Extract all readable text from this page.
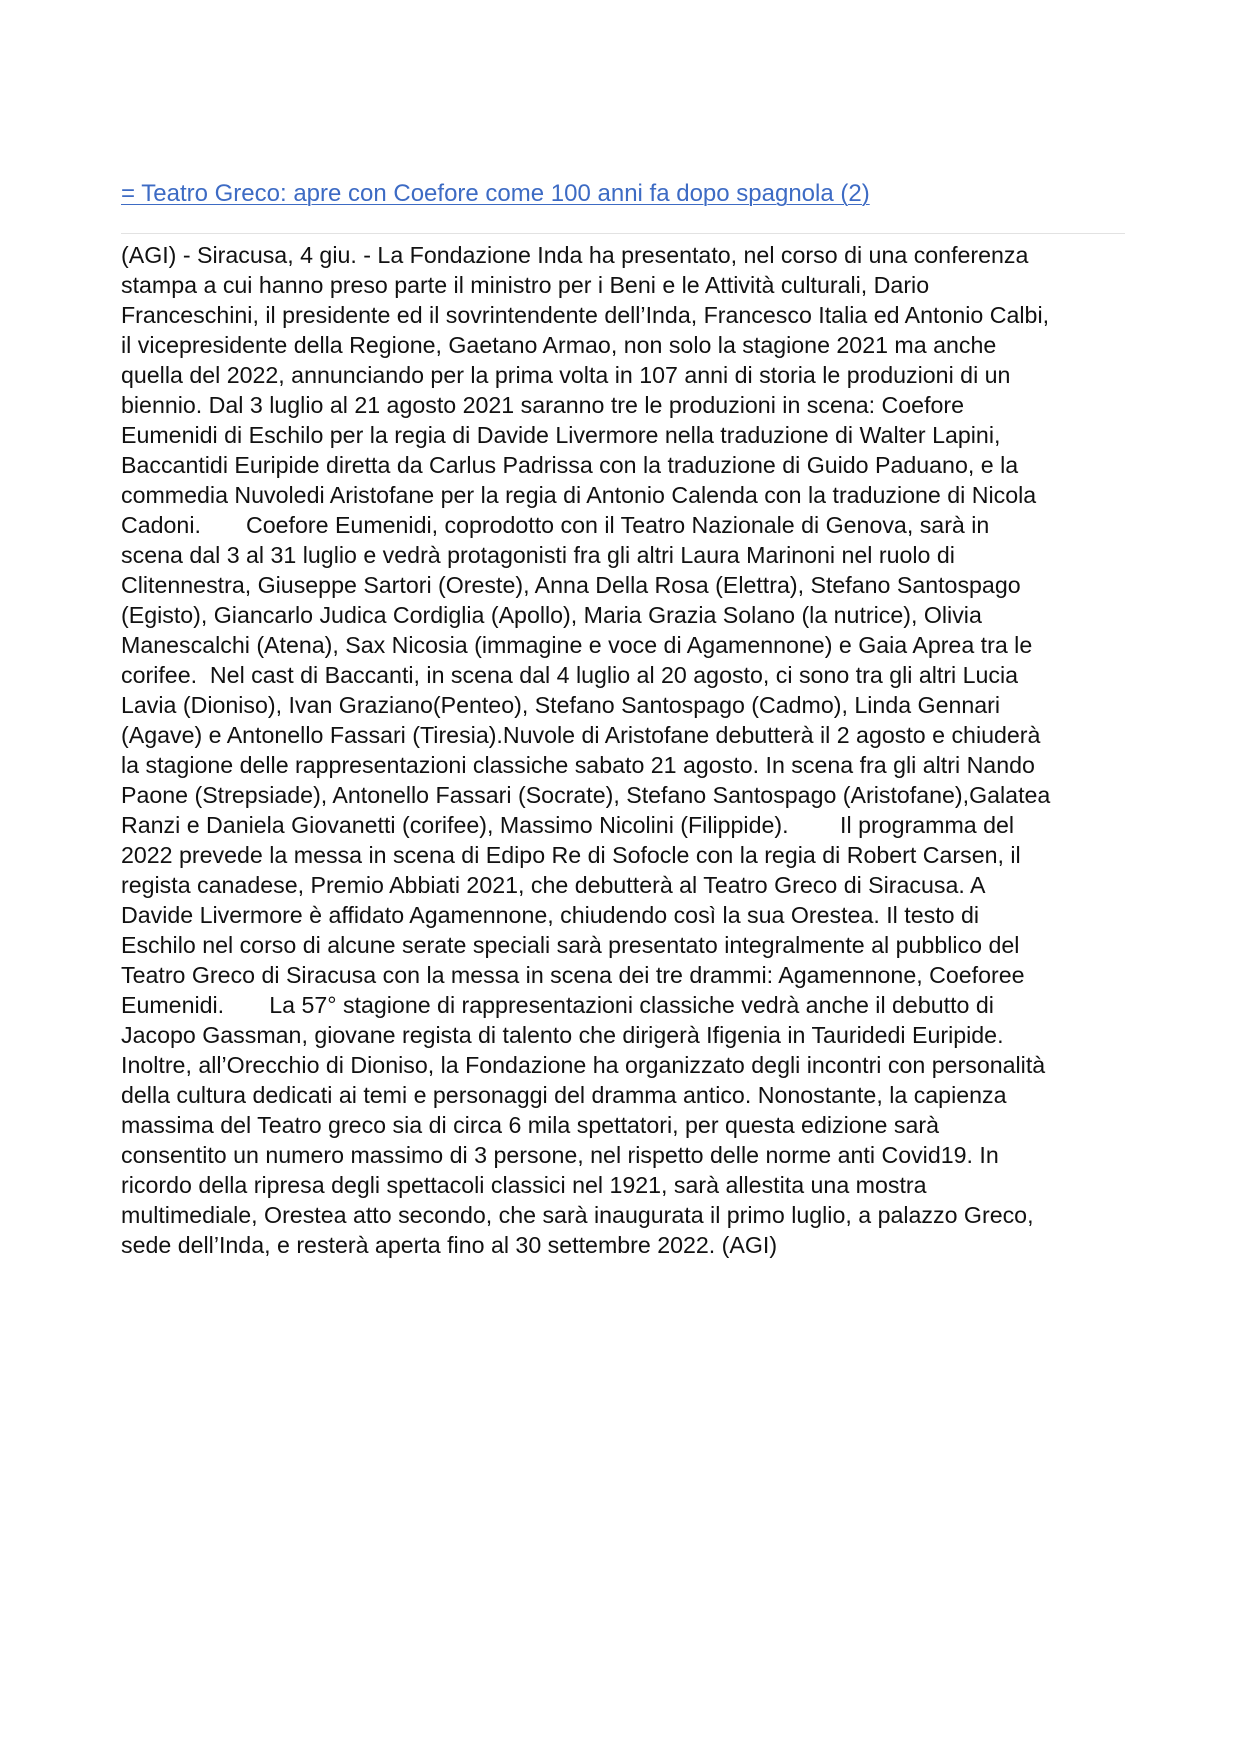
= Teatro Greco: apre con Coefore come 100 anni fa dopo spagnola (2)

(AGI) - Siracusa, 4 giu. - La Fondazione Inda ha presentato, nel corso di una conferenza
stampa a cui hanno preso parte il ministro per i Beni e le Attività culturali, Dario
Franceschini, il presidente ed il sovrintendente dell’Inda, Francesco Italia ed Antonio Calbi,
il vicepresidente della Regione, Gaetano Armao, non solo la stagione 2021 ma anche
quella del 2022, annunciando per la prima volta in 107 anni di storia le produzioni di un
biennio. Dal 3 luglio al 21 agosto 2021 saranno tre le produzioni in scena: Coefore
Eumenidi di Eschilo per la regia di Davide Livermore nella traduzione di Walter Lapini,
Baccantidi Euripide diretta da Carlus Padrissa con la traduzione di Guido Paduano, e la
commedia Nuvoledi Aristofane per la regia di Antonio Calenda con la traduzione di Nicola
Cadoni.       Coefore Eumenidi, coprodotto con il Teatro Nazionale di Genova, sarà in
scena dal 3 al 31 luglio e vedrà protagonisti fra gli altri Laura Marinoni nel ruolo di
Clitennestra, Giuseppe Sartori (Oreste), Anna Della Rosa (Elettra), Stefano Santospago
(Egisto), Giancarlo Judica Cordiglia (Apollo), Maria Grazia Solano (la nutrice), Olivia
Manescalchi (Atena), Sax Nicosia (immagine e voce di Agamennone) e Gaia Aprea tra le
corifee.  Nel cast di Baccanti, in scena dal 4 luglio al 20 agosto, ci sono tra gli altri Lucia
Lavia (Dioniso), Ivan Graziano(Penteo), Stefano Santospago (Cadmo), Linda Gennari
(Agave) e Antonello Fassari (Tiresia).Nuvole di Aristofane debutterà il 2 agosto e chiuderà
la stagione delle rappresentazioni classiche sabato 21 agosto. In scena fra gli altri Nando
Paone (Strepsiade), Antonello Fassari (Socrate), Stefano Santospago (Aristofane),Galatea
Ranzi e Daniela Giovanetti (corifee), Massimo Nicolini (Filippide).        Il programma del
2022 prevede la messa in scena di Edipo Re di Sofocle con la regia di Robert Carsen, il
regista canadese, Premio Abbiati 2021, che debutterà al Teatro Greco di Siracusa. A
Davide Livermore è affidato Agamennone, chiudendo così la sua Orestea. Il testo di
Eschilo nel corso di alcune serate speciali sarà presentato integralmente al pubblico del
Teatro Greco di Siracusa con la messa in scena dei tre drammi: Agamennone, Coeforee
Eumenidi.       La 57° stagione di rappresentazioni classiche vedrà anche il debutto di
Jacopo Gassman, giovane regista di talento che dirigerà Ifigenia in Tauridedi Euripide.
Inoltre, all’Orecchio di Dioniso, la Fondazione ha organizzato degli incontri con personalità
della cultura dedicati ai temi e personaggi del dramma antico. Nonostante, la capienza
massima del Teatro greco sia di circa 6 mila spettatori, per questa edizione sarà
consentito un numero massimo di 3 persone, nel rispetto delle norme anti Covid19. In
ricordo della ripresa degli spettacoli classici nel 1921, sarà allestita una mostra
multimediale, Orestea atto secondo, che sarà inaugurata il primo luglio, a palazzo Greco,
sede dell’Inda, e resterà aperta fino al 30 settembre 2022. (AGI)
